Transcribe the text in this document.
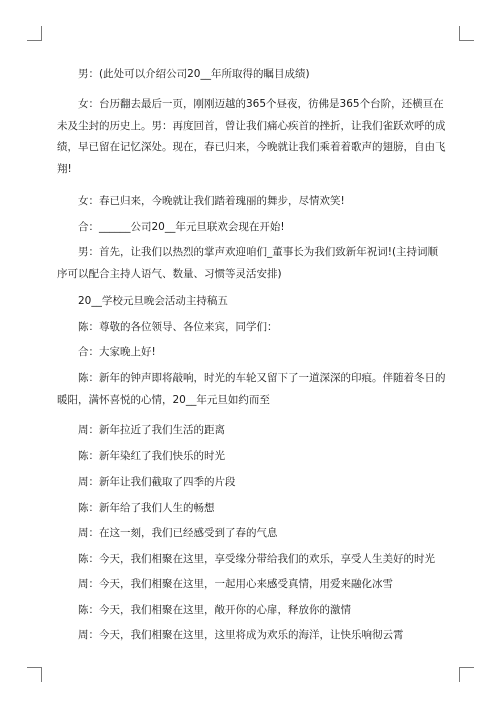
男：(此处可以介绍公司20__年所取得的瞩目成绩)

女：台历翻去最后一页，刚刚迈越的365个昼夜，彷佛是365个台阶，还横亘在未及尘封的历史上。男：再度回首，曾让我们痛心疾首的挫折，让我们雀跃欢呼的成绩，早已留在记忆深处。现在，春已归来，今晚就让我们乘着着歌声的翅膀，自由飞翔!

女：春已归来，今晚就让我们踏着瑰丽的舞步，尽情欢笑!

合：______公司20__年元旦联欢会现在开始!

男：首先，让我们以热烈的掌声欢迎咱们_董事长为我们致新年祝词!(主持词顺序可以配合主持人语气、数量、习惯等灵活安排)

20__学校元旦晚会活动主持稿五

陈：尊敬的各位领导、各位来宾，同学们：

合：大家晚上好!

陈：新年的钟声即将敲响，时光的车轮又留下了一道深深的印痕。伴随着冬日的暖阳，满怀喜悦的心情，20__年元旦如约而至

周：新年拉近了我们生活的距离

陈：新年染红了我们快乐的时光

周：新年让我们截取了四季的片段

陈：新年给了我们人生的畅想

周：在这一刻，我们已经感受到了春的气息

陈：今天，我们相聚在这里，享受缘分带给我们的欢乐，享受人生美好的时光

周：今天，我们相聚在这里，一起用心来感受真情，用爱来融化冰雪

陈：今天，我们相聚在这里，敞开你的心扉，释放你的激情

周：今天，我们相聚在这里，这里将成为欢乐的海洋，让快乐响彻云霄
